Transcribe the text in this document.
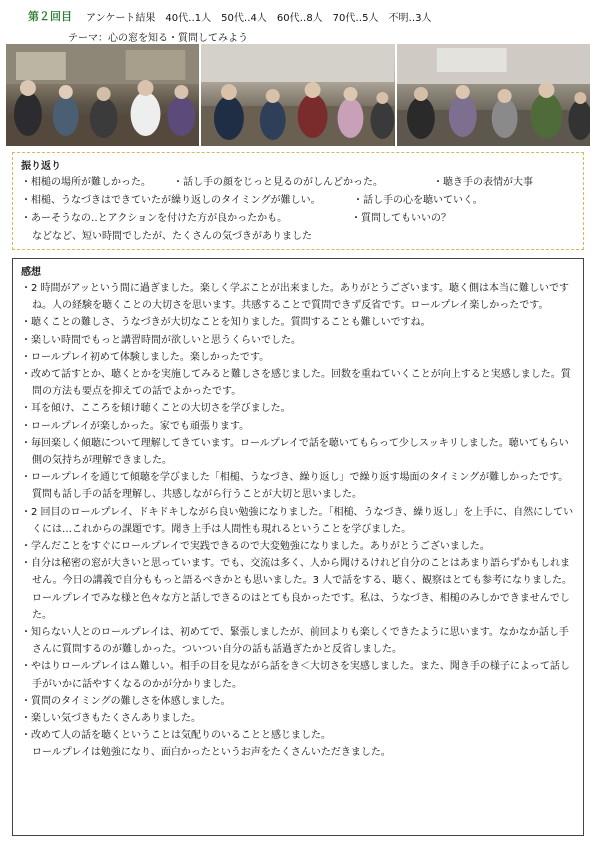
第２回目 アンケート結果　40代‥1人　50代‥4人　60代‥8人　70代‥5人　不明‥3人
テーマ：心の窓を知る・質問してみよう
振り返り
・相槌の場所が難しかった。 ・話し手の顔をじっと見るのがしんどかった。	・聴き手の表情が大事
・相槌、うなづきはできていたが繰り返しのタイミングが難しい。	・話し手の心を聴いていく。
・あーそうなの‥とアクションを付けた方が良かったかも。	・質問してもいいの？
などなど、短い時間でしたが、たくさんの気づきがありました
感想
・2 時間がアッという間に過ぎました。楽しく学ぶことが出来ました。ありがとうございます。聴く側は本当に難しいですね。人の経験を聴くことの大切さを思います。共感することで質問できず反省です。ロールプレイ楽しかったです。
・聴くことの難しさ、うなづきが大切なことを知りました。質問することも難しいですね。
・楽しい時間でもっと講習時間が欲しいと思うくらいでした。
・ロールプレイ初めて体験しました。楽しかったです。
・改めて話すとか、聴くとかを実施してみると難しさを感じました。回数を重ねていくことが向上すると実感しました。質問の方法も要点を抑えての話でよかったです。
・耳を傾け、こころを傾け聴くことの大切さを学びました。
・ロールプレイが楽しかった。家でも頑張ります。
・毎回楽しく傾聴について理解してきています。ロールプレイで話を聴いてもらって少しスッキリしました。聴いてもらい側の気持ちが理解できました。
・ロールプレイを通じて傾聴を学びました「相槌、うなづき、繰り返し」で繰り返す場面のタイミングが難しかったです。質問も話し手の話を理解し、共感しながら行うことが大切と思いました。
・2 回目のロールプレイ、ドキドキしながら良い勉強になりました。「相槌、うなづき、繰り返し」を上手に、自然にしていくには…これからの課題です。聞き上手は人間性も現れるということを学びました。
・学んだことをすぐにロールプレイで実践できるので大変勉強になりました。ありがとうございました。
・自分は秘密の窓が大きいと思っています。でも、交流は多く、人から聞けるけれど自分のことはあまり語らずかもしれません。今日の講義で自分ももっと語るべきかとも思いました。3 人で話をする、聴く、観察はとても参考になりました。ロールプレイでみな様と色々な方と話しできるのはとても良かったです。私は、うなづき、相槌のみしかできませんでした。
・知らない人とのロールプレイは、初めてで、緊張しましたが、前回よりも楽しくできたように思います。なかなか話し手さんに質問するのが難しかった。ついつい自分の話も話過ぎたかと反省しました。
・やはりロールプレイはム難しい。相手の目を見ながら話をき＜大切さを実感しました。また、聞き手の様子によって話し手がいかに話やすくなるのかが分かりました。
・質問のタイミングの難しさを体感しました。
・楽しい気づきもたくさんありました。
・改めて人の話を聴くということは気配りのいることと感じました。
ロールプレイは勉強になり、面白かったというお声をたくさんいただきました。
